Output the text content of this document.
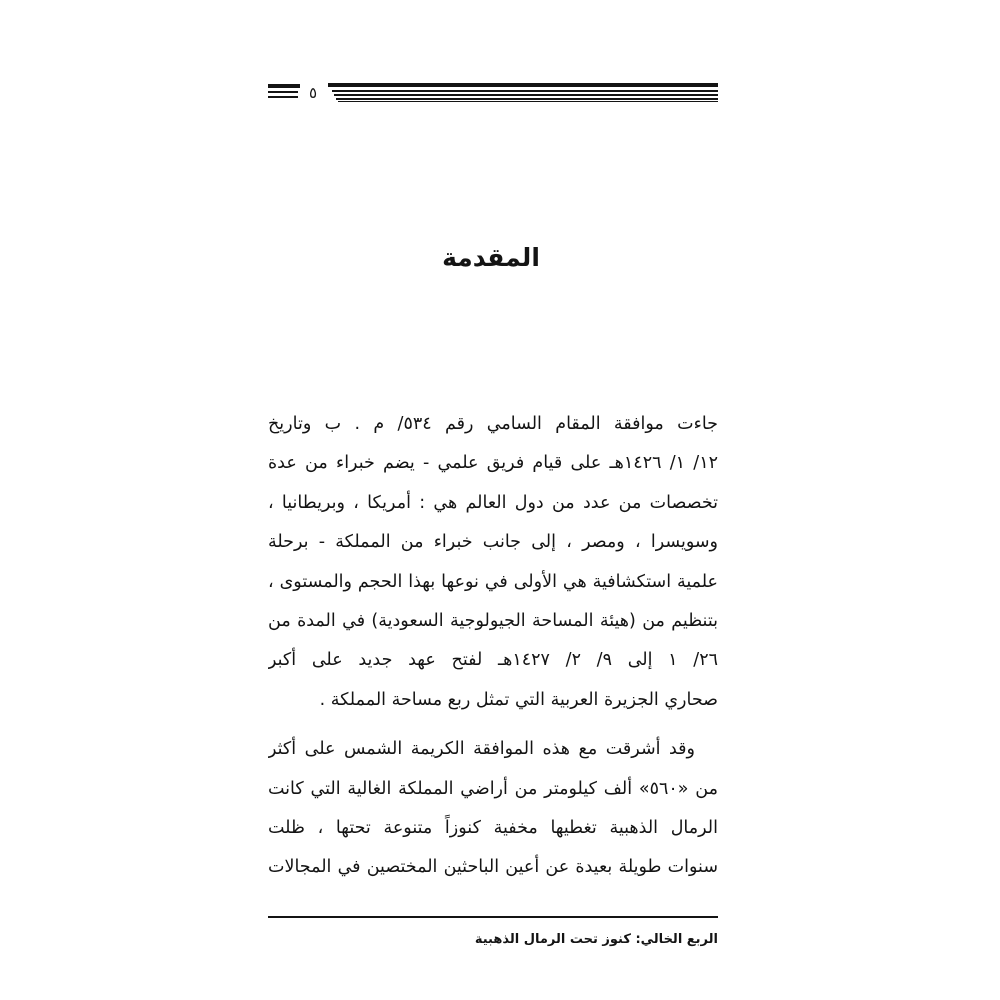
٥
المقدمة
جاءت موافقة المقام السامي رقم ٥٣٤/ م . ب وتاريخ
١٢/ ١/ ١٤٢٦هـ على قيام فريق علمي - يضم خبراء من عدة
تخصصات من عدد من دول العالم هي : أمريكا ، وبريطانيا ،
وسويسرا ، ومصر ، إلى جانب خبراء من المملكة - برحلة
علمية استكشافية هي الأولى في نوعها بهذا الحجم والمستوى ،
بتنظيم من (هيئة المساحة الجيولوجية السعودية) في المدة من
٢٦/ ١ إلى ٩/ ٢/ ١٤٢٧هـ لفتح عهد جديد على أكبر
صحاري الجزيرة العربية التي تمثل ربع مساحة المملكة .
وقد أشرقت مع هذه الموافقة الكريمة الشمس على أكثر
من «٥٦٠» ألف كيلومتر من أراضي المملكة الغالية التي كانت
الرمال الذهبية تغطيها مخفية كنوزاً متنوعة تحتها ، ظلت
سنوات طويلة بعيدة عن أعين الباحثين المختصين في المجالات
الربع الخالي: كنوز تحت الرمال الذهبية
